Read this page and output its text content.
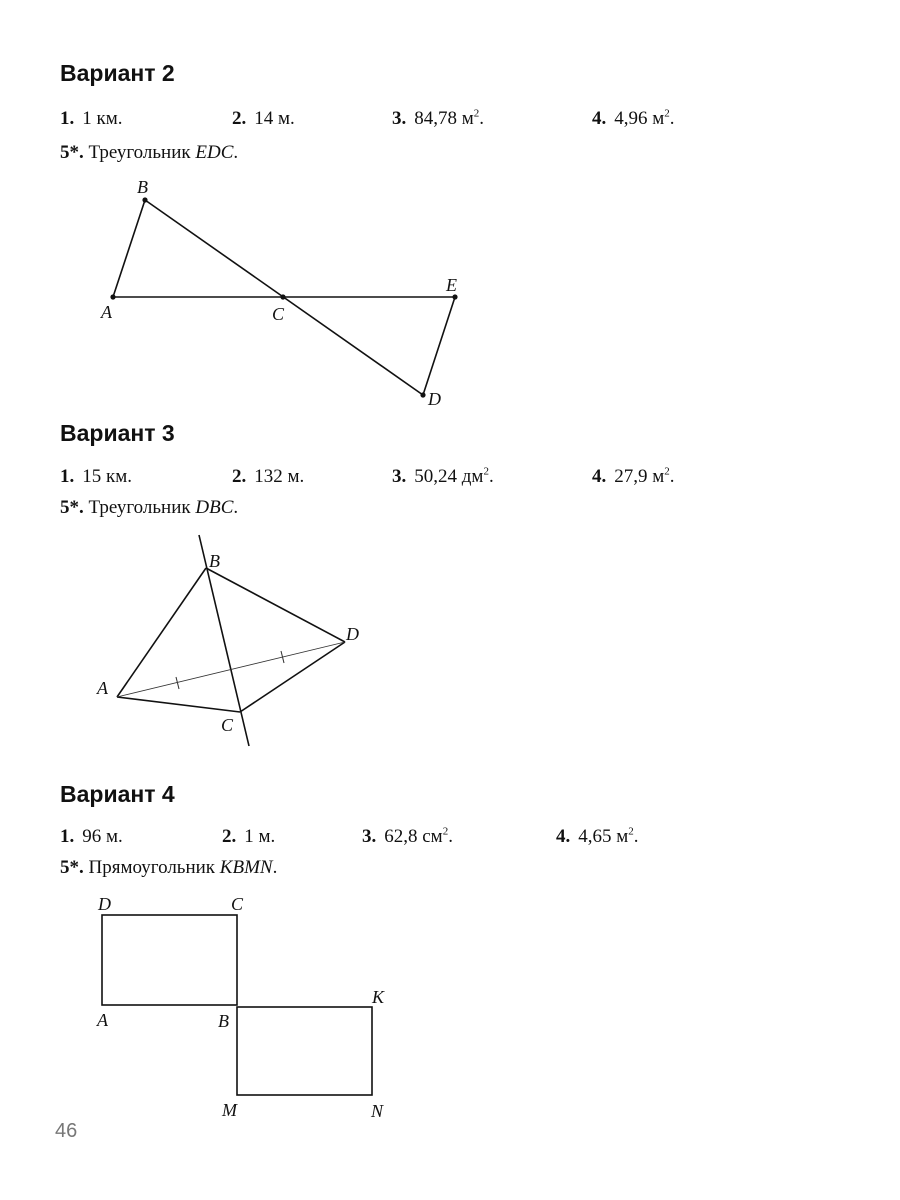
Вариант 2
1. 1 км.	2. 14 м.	3. 84,78 $м^2$.	4. 4,96 $м^2$.
5*. Треугольник EDC.
A
B
C
E
D
Вариант 3
1. 15 км.	2. 132 м.	3. 50,24 $дм^2$.	4. 27,9 $м^2$.
5*. Треугольник DBC.
A
B
C
D
Вариант 4
1. 96 м.	2. 1 м.	3. 62,8 $см^2$.	4. 4,65 $м^2$.
5*. Прямоугольник KBMN.
D	C
A	B
K
M	N
46
